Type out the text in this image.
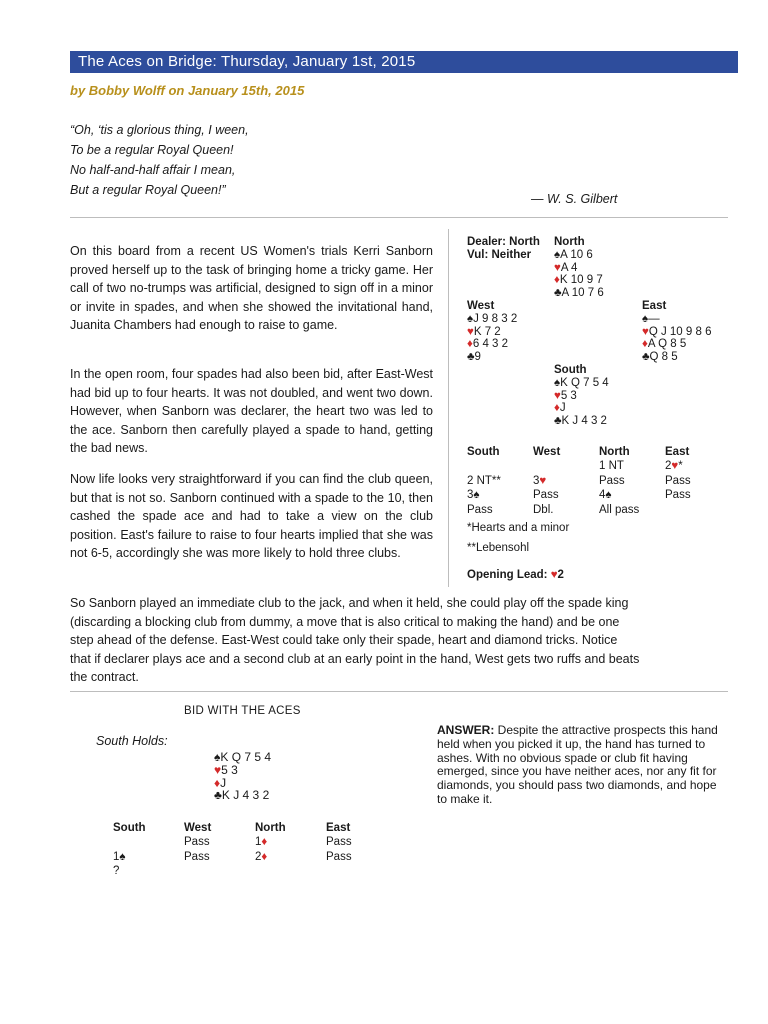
The Aces on Bridge: Thursday, January 1st, 2015
by Bobby Wolff on January 15th, 2015
“Oh, ‘tis a glorious thing, I ween,
To be a regular Royal Queen!
No half-and-half affair I mean,
But a regular Royal Queen!”
— W. S. Gilbert
On this board from a recent US Women's trials Kerri Sanborn proved herself up to the task of bringing home a tricky game. Her call of two no-trumps was artificial, designed to sign off in a minor or invite in spades, and when she showed the invitational hand, Juanita Chambers had enough to raise to game.
In the open room, four spades had also been bid, after East-West had bid up to four hearts. It was not doubled, and went two down. However, when Sanborn was declarer, the heart two was led to the ace. Sanborn then carefully played a spade to hand, getting the bad news.
Now life looks very straightforward if you can find the club queen, but that is not so. Sanborn continued with a spade to the 10, then cashed the spade ace and had to take a view on the club position. East's failure to raise to four hearts implied that she was not 6-5, accordingly she was more likely to hold three clubs.
Dealer: North
Vul: Neither
North
♠A 10 6
♥A 4
♦K 10 9 7
♣A 10 7 6
West
♠J 9 8 3 2
♥K 7 2
♦6 4 3 2
♣9
East
♠—
♥Q J 10 9 8 6
♦A Q 8 5
♣Q 8 5
South
♠K Q 7 5 4
♥5 3
♦J
♣K J 4 3 2
South	West	North	East
		1 NT	2♥*
2 NT**	3♥	Pass	Pass
3♠	Pass	4♠	Pass
Pass	Dbl.	All pass	
*Hearts and a minor
**Lebensohl
Opening Lead: ♥2
So Sanborn played an immediate club to the jack, and when it held, she could play off the spade king (discarding a blocking club from dummy, a move that is also critical to making the hand) and be one step ahead of the defense. East-West could take only their spade, heart and diamond tricks. Notice that if declarer plays ace and a second club at an early point in the hand, West gets two ruffs and beats the contract.
BID WITH THE ACES
South Holds:
♠K Q 7 5 4
♥5 3
♦J
♣K J 4 3 2
South	West	North	East
	Pass	1♦	Pass
1♠	Pass	2♦	Pass
?			
ANSWER: Despite the attractive prospects this hand held when you picked it up, the hand has turned to ashes. With no obvious spade or club fit having emerged, since you have neither aces, nor any fit for diamonds, you should pass two diamonds, and hope to make it.
